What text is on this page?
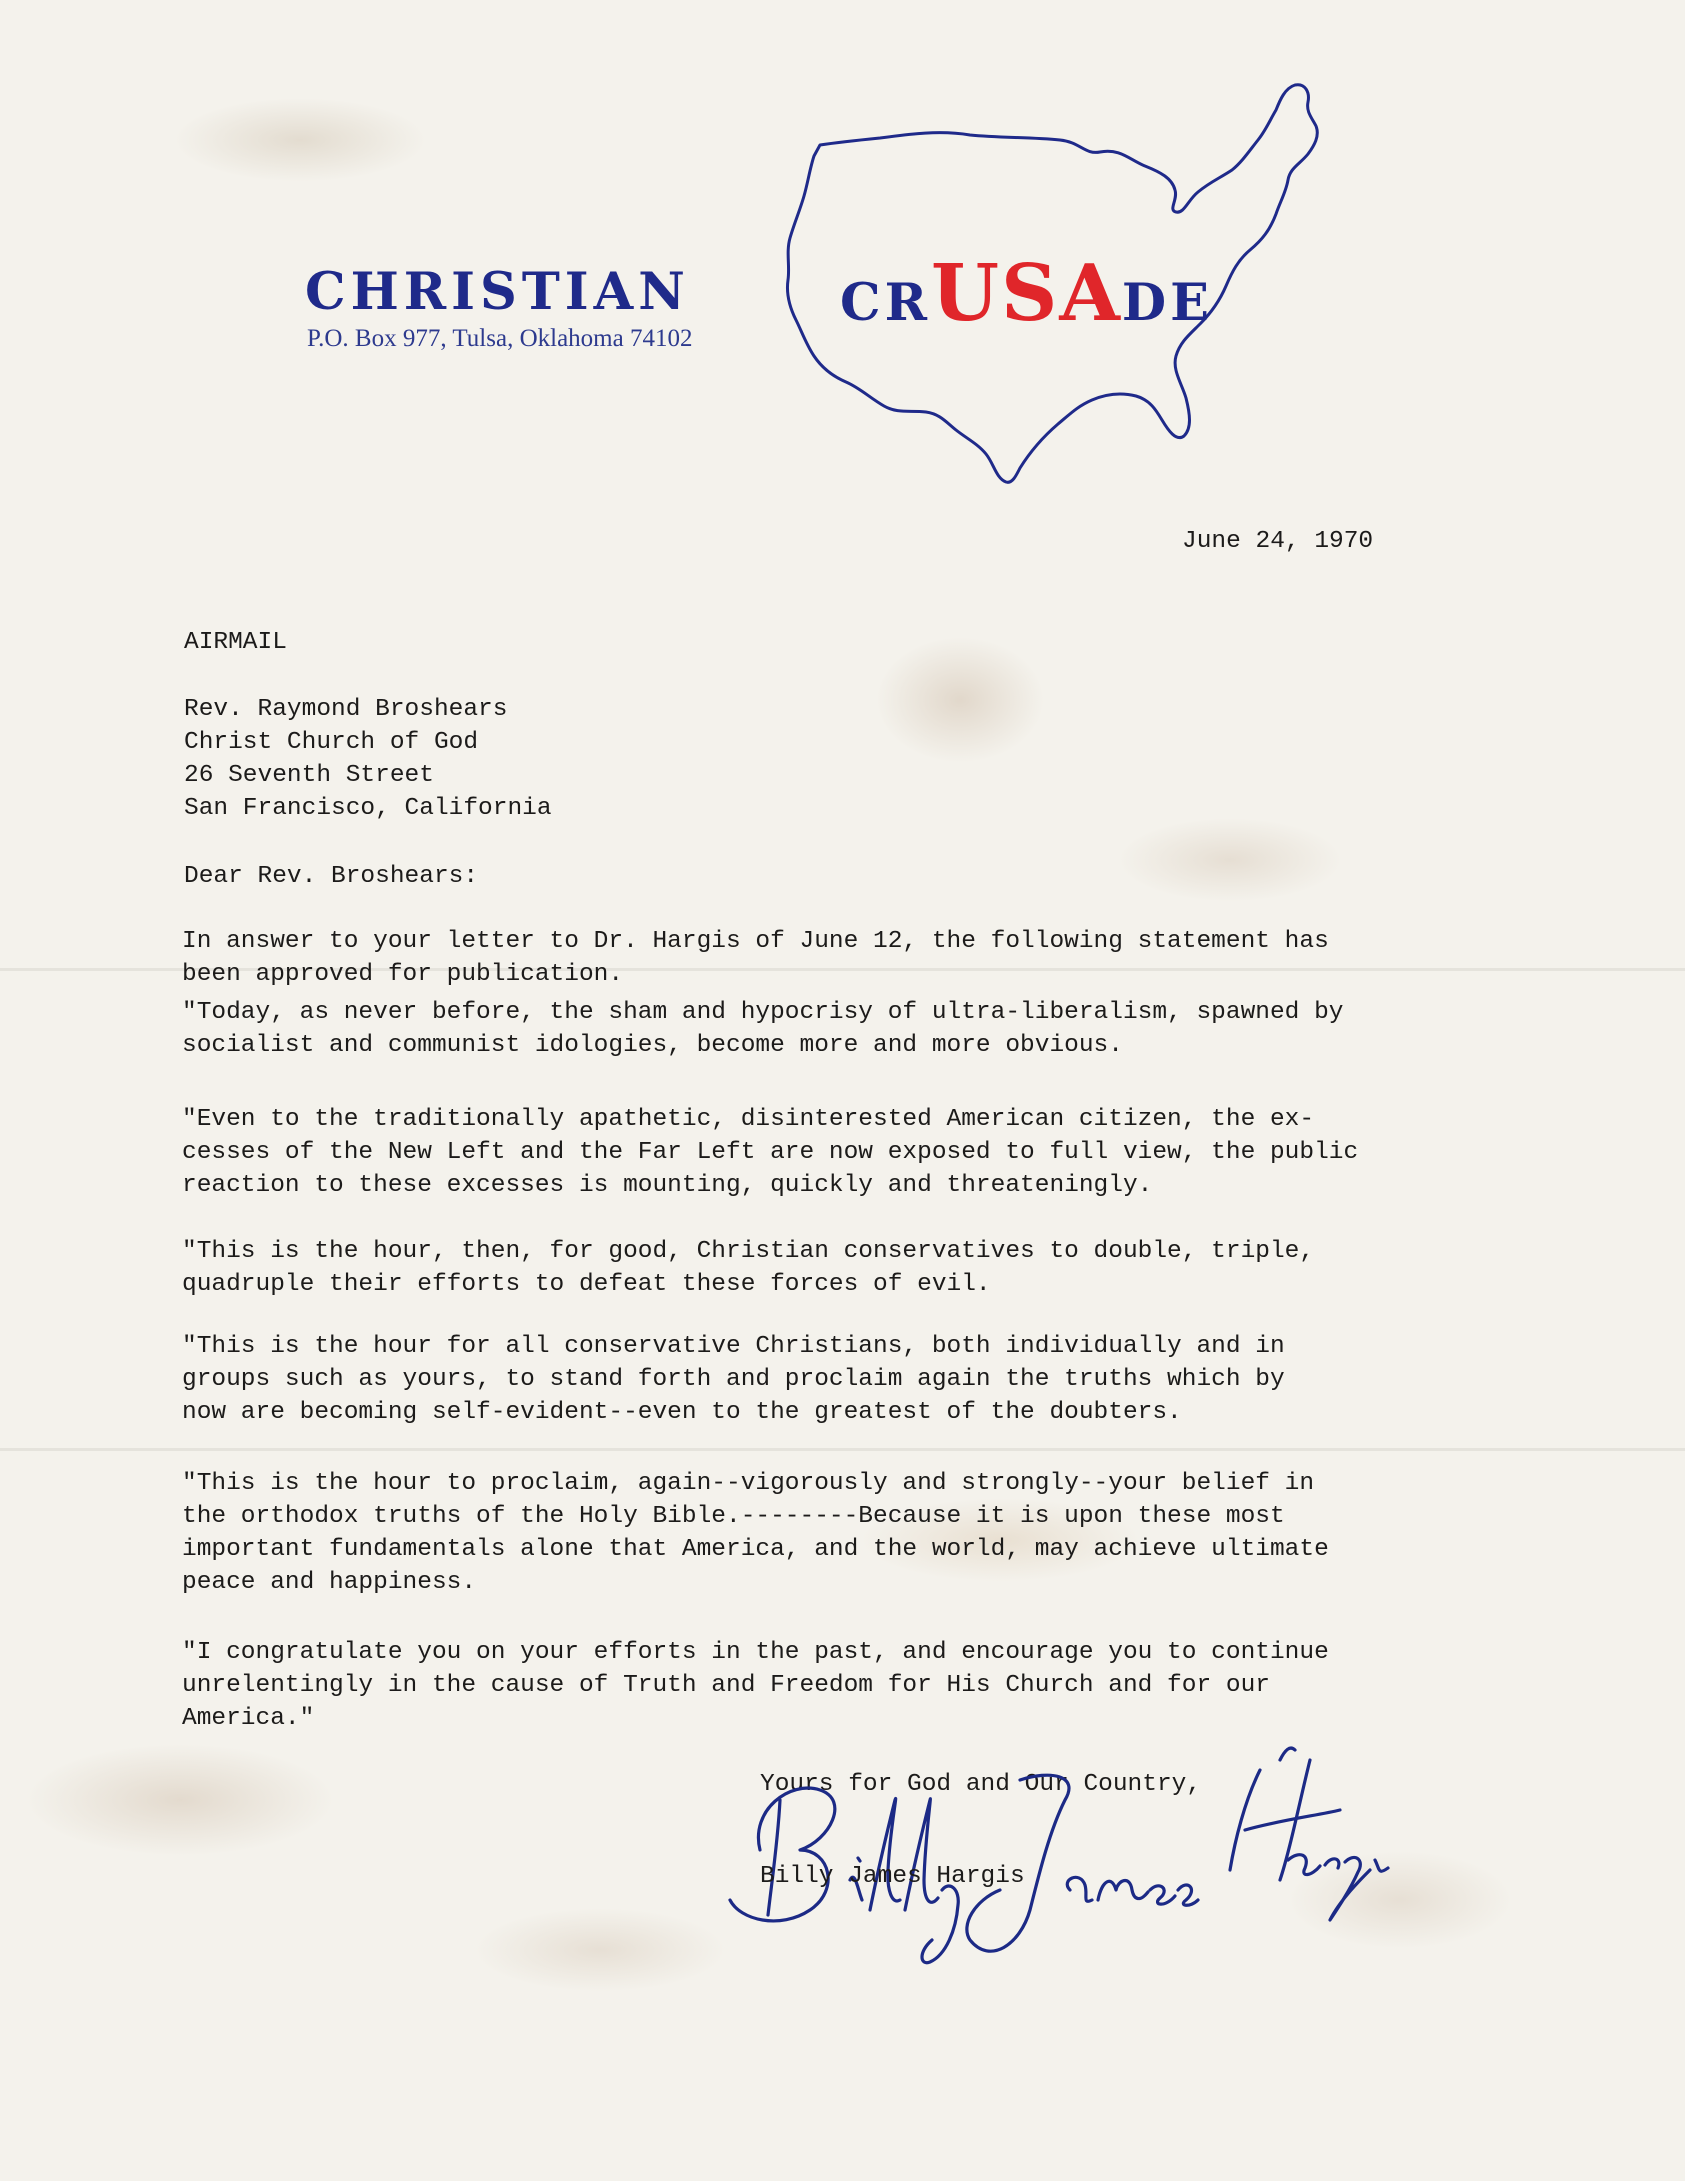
CHRISTIAN	CRUSADE
P.O. Box 977, Tulsa, Oklahoma 74102
June 24, 1970
AIRMAIL
Rev. Raymond Broshears
Christ Church of God
26 Seventh Street
San Francisco, California
Dear Rev. Broshears:
In answer to your letter to Dr. Hargis of June 12, the following statement has
been approved for publication.
"Today, as never before, the sham and hypocrisy of ultra-liberalism, spawned by
socialist and communist idologies, become more and more obvious.
"Even to the traditionally apathetic, disinterested American citizen, the ex-
cesses of the New Left and the Far Left are now exposed to full view, the public
reaction to these excesses is mounting, quickly and threateningly.
"This is the hour, then, for good, Christian conservatives to double, triple,
quadruple their efforts to defeat these forces of evil.
"This is the hour for all conservative Christians, both individually and in
groups such as yours, to stand forth and proclaim again the truths which by
now are becoming self-evident--even to the greatest of the doubters.
"This is the hour to proclaim, again--vigorously and strongly--your belief in
the orthodox truths of the Holy Bible.--------Because it is upon these most
important fundamentals alone that America, and the world, may achieve ultimate
peace and happiness.
"I congratulate you on your efforts in the past, and encourage you to continue
unrelentingly in the cause of Truth and Freedom for His Church and for our
America."
Yours for God and Our Country,
Billy James Hargis
